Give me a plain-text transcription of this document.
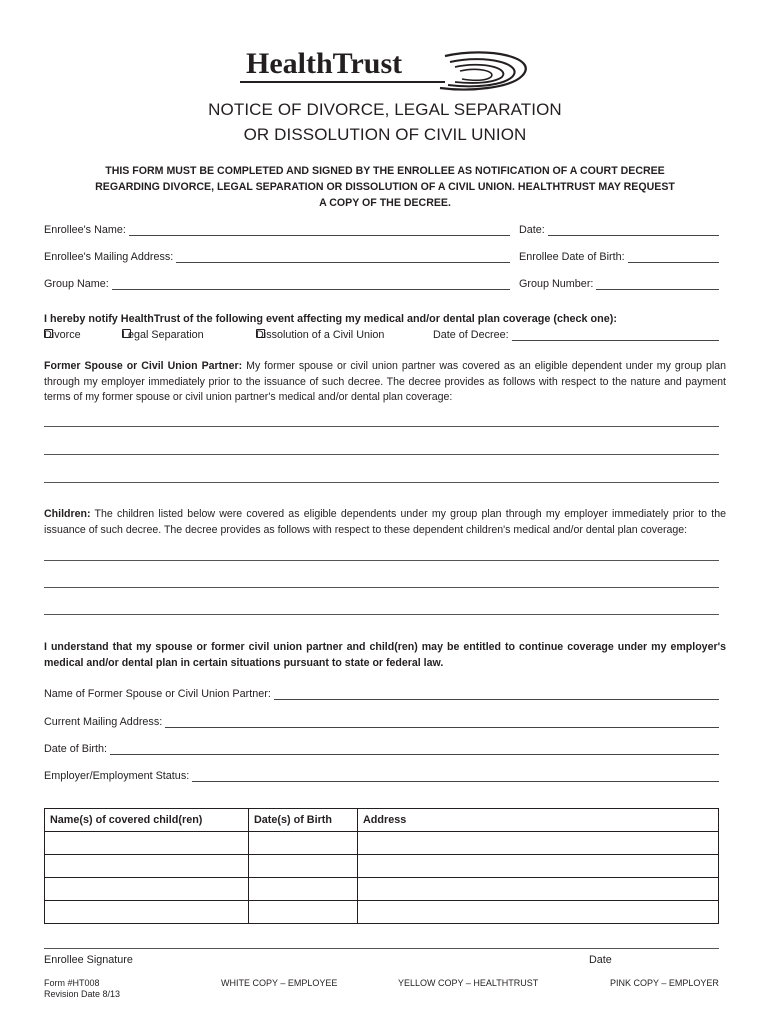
HealthTrust
NOTICE OF DIVORCE, LEGAL SEPARATION
OR DISSOLUTION OF CIVIL UNION
THIS FORM MUST BE COMPLETED AND SIGNED BY THE ENROLLEE AS NOTIFICATION OF A COURT DECREE
REGARDING DIVORCE, LEGAL SEPARATION OR DISSOLUTION OF A CIVIL UNION. HEALTHTRUST MAY REQUEST
A COPY OF THE DECREE.
Enrollee's Name:	Date:
Enrollee's Mailing Address:	Enrollee Date of Birth:
Group Name:	Group Number:
I hereby notify HealthTrust of the following event affecting my medical and/or dental plan coverage (check one):
Divorce	Legal Separation	Dissolution of a Civil Union	Date of Decree:
Former Spouse or Civil Union Partner: My former spouse or civil union partner was covered as an eligible dependent under my group plan through my employer immediately prior to the issuance of such decree. The decree provides as follows with respect to the nature and payment terms of my former spouse or civil union partner's medical and/or dental plan coverage:
Children: The children listed below were covered as eligible dependents under my group plan through my employer immediately prior to the issuance of such decree. The decree provides as follows with respect to these dependent children's medical and/or dental plan coverage:
I understand that my spouse or former civil union partner and child(ren) may be entitled to continue coverage under my employer's medical and/or dental plan in certain situations pursuant to state or federal law.
Name of Former Spouse or Civil Union Partner:
Current Mailing Address:
Date of Birth:
Employer/Employment Status:
Name(s) of covered child(ren)	Date(s) of Birth	Address

Enrollee Signature	Date
Form #HT008
Revision Date 8/13
WHITE COPY – EMPLOYEE	YELLOW COPY – HEALTHTRUST	PINK COPY – EMPLOYER
